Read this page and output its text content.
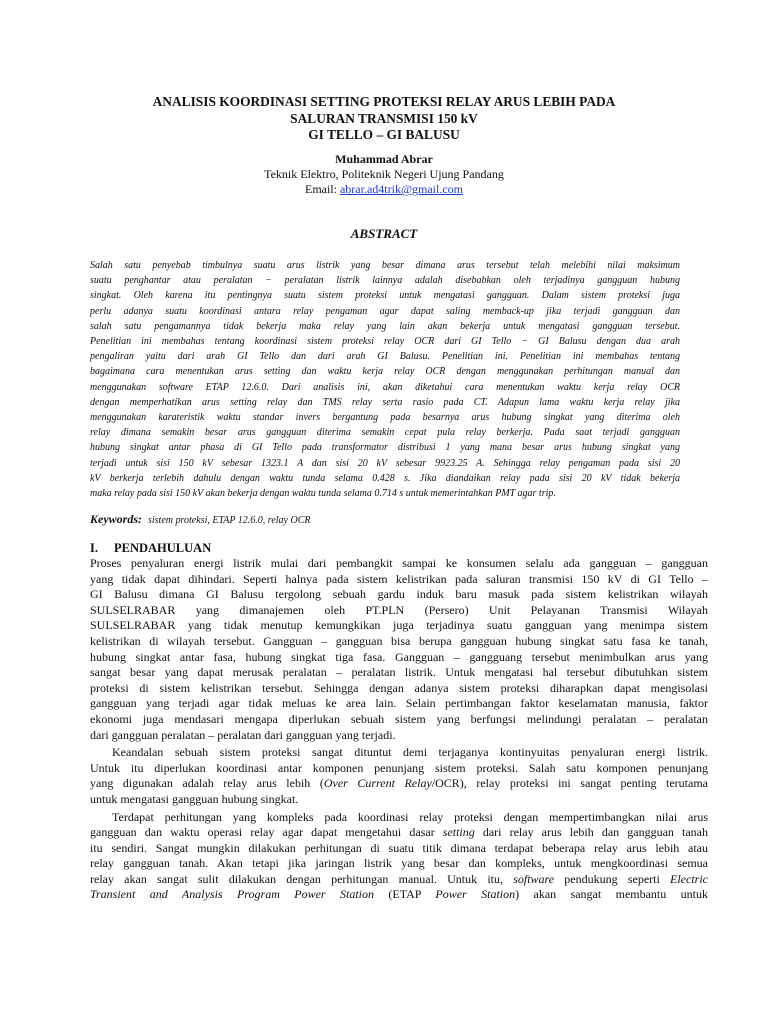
ANALISIS KOORDINASI SETTING PROTEKSI RELAY ARUS LEBIH PADA
SALURAN TRANSMISI 150 kV
GI TELLO – GI BALUSU
Muhammad Abrar
Teknik Elektro, Politeknik Negeri Ujung Pandang
Email: abrar.ad4trik@gmail.com
ABSTRACT
Salah satu penyebab timbulnya suatu arus listrik yang besar dimana arus tersebut telah melebihi nilai maksimum
suatu penghantar atau peralatan − peralatan listrik lainnya adalah disebabkan oleh terjadinya gangguan hubung
singkat. Oleh karena itu pentingnya suatu sistem proteksi untuk mengatasi gangguan. Dalam sistem proteksi juga
perlu adanya suatu koordinasi antara relay pengaman agar dapat saling memback-up jika terjadi gangguan dan
salah satu pengamannya tidak bekerja maka relay yang lain akan bekerja untuk mengatasi gangguan tersebut.
Penelitian ini membahas tentang koordinasi sistem proteksi relay OCR dari GI Tello − GI Balusu dengan dua arah
pengaliran yaitu dari arah GI Tello dan dari arah GI Balusu. Penelitian ini. Penelitian ini membahas tentang
bagaimana cara menentukan arus setting dan waktu kerja relay OCR dengan menggunakan perhitungan manual dan
menggunakan software ETAP 12.6.0. Dari analisis ini, akan diketahui cara menentukan waktu kerja relay OCR
dengan memperhatikan arus setting relay dan TMS relay serta rasio pada CT. Adapun lama waktu kerja relay jika
menggunakan karateristik waktu standar invers bergantung pada besarnya arus hubung singkat yang diterima oleh
relay dimana semakin besar arus gangguan diterima semakin cepat pula relay berkerja. Pada saat terjadi gangguan
hubung singkat antar phasa di GI Tello pada transformator distribusi 1 yang mana besar arus hubung singkat yang
terjadi untuk sisi 150 kV sebesar 1323.1 A dan sisi 20 kV sebesar 9923.25 A. Sehingga relay pengaman pada sisi 20
kV berkerja terlebih dahulu dengan waktu tunda selama 0.428 s. Jika diandaikan relay pada sisi 20 kV tidak bekerja
maka relay pada sisi 150 kV akan bekerja dengan waktu tunda selama 0.714 s untuk memerintahkan PMT agar trip.
Keywords: sistem proteksi, ETAP 12.6.0, relay OCR
I. PENDAHULUAN
Proses penyaluran energi listrik mulai dari pembangkit sampai ke konsumen selalu ada gangguan – gangguan
yang tidak dapat dihindari. Seperti halnya pada sistem kelistrikan pada saluran transmisi 150 kV di GI Tello –
GI Balusu dimana GI Balusu tergolong sebuah gardu induk baru masuk pada sistem kelistrikan wilayah
SULSELRABAR yang dimanajemen oleh PT.PLN (Persero) Unit Pelayanan Transmisi Wilayah
SULSELRABAR yang tidak menutup kemungkikan juga terjadinya suatu gangguan yang menimpa sistem
kelistrikan di wilayah tersebut. Gangguan – gangguan bisa berupa gangguan hubung singkat satu fasa ke tanah,
hubung singkat antar fasa, hubung singkat tiga fasa. Gangguan – gangguang tersebut menimbulkan arus yang
sangat besar yang dapat merusak peralatan – peralatan listrik. Untuk mengatasi hal tersebut dibutuhkan sistem
proteksi di sistem kelistrikan tersebut. Sehingga dengan adanya sistem proteksi diharapkan dapat mengisolasi
gangguan yang terjadi agar tidak meluas ke area lain. Selain pertimbangan faktor keselamatan manusia, faktor
ekonomi juga mendasari mengapa diperlukan sebuah sistem yang berfungsi melindungi peralatan – peralatan
dari gangguan peralatan – peralatan dari gangguan yang terjadi.
Keandalan sebuah sistem proteksi sangat dituntut demi terjaganya kontinyuitas penyaluran energi listrik.
Untuk itu diperlukan koordinasi antar komponen penunjang sistem proteksi. Salah satu komponen penunjang
yang digunakan adalah relay arus lebih (Over Current Relay/OCR), relay proteksi ini sangat penting terutama
untuk mengatasi gangguan hubung singkat.
Terdapat perhitungan yang kompleks pada koordinasi relay proteksi dengan mempertimbangkan nilai arus
gangguan dan waktu operasi relay agar dapat mengetahui dasar setting dari relay arus lebih dan gangguan tanah
itu sendiri. Sangat mungkin dilakukan perhitungan di suatu titik dimana terdapat beberapa relay arus lebih atau
relay gangguan tanah. Akan tetapi jika jaringan listrik yang besar dan kompleks, untuk mengkoordinasi semua
relay akan sangat sulit dilakukan dengan perhitungan manual. Untuk itu, software pendukung seperti Electric
Transient and Analysis Program Power Station (ETAP Power Station) akan sangat membantu untuk
